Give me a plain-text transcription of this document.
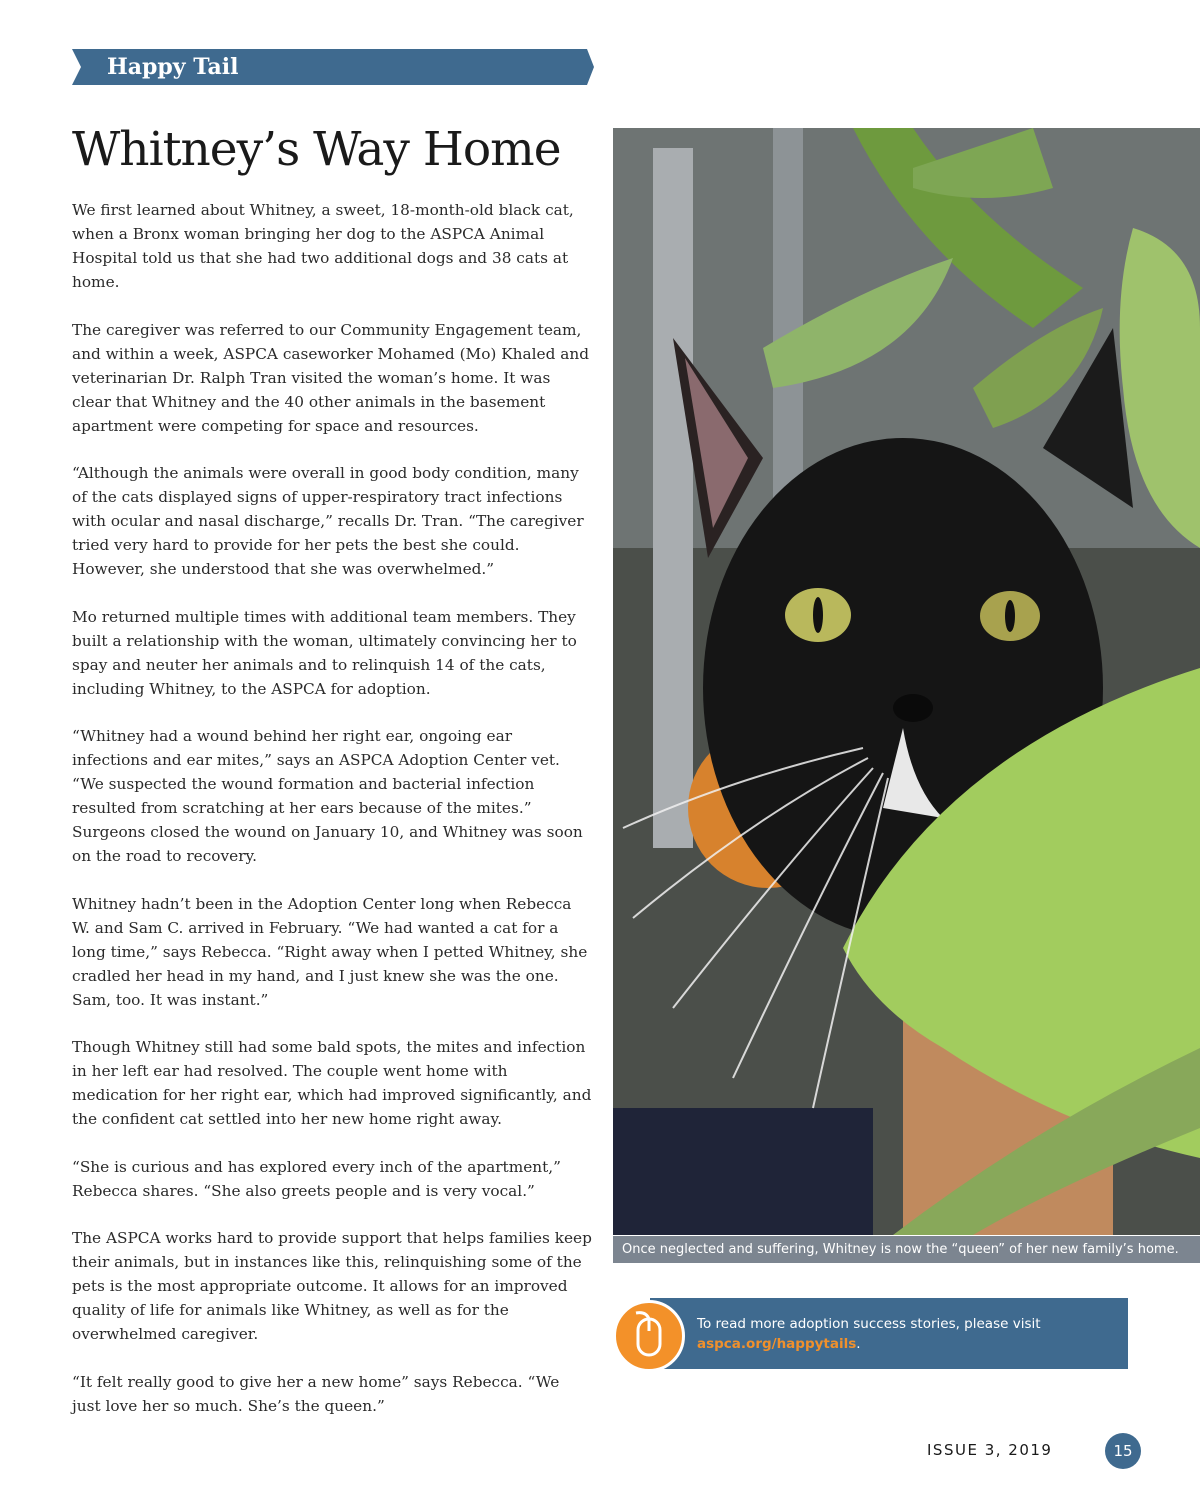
Happy Tail
Whitney’s Way Home

We first learned about Whitney, a sweet, 18-month-old black cat, when a Bronx woman bringing her dog to the ASPCA Animal Hospital told us that she had two additional dogs and 38 cats at home.

The caregiver was referred to our Community Engagement team, and within a week, ASPCA caseworker Mohamed (Mo) Khaled and veterinarian Dr. Ralph Tran visited the woman’s home. It was clear that Whitney and the 40 other animals in the basement apartment were competing for space and resources.

“Although the animals were overall in good body condition, many of the cats displayed signs of upper-respiratory tract infections with ocular and nasal discharge,” recalls Dr. Tran. “The caregiver tried very hard to provide for her pets the best she could. However, she understood that she was overwhelmed.”

Mo returned multiple times with additional team members. They built a relationship with the woman, ultimately convincing her to spay and neuter her animals and to relinquish 14 of the cats, including Whitney, to the ASPCA for adoption.

“Whitney had a wound behind her right ear, ongoing ear infections and ear mites,” says an ASPCA Adoption Center vet. “We suspected the wound formation and bacterial infection resulted from scratching at her ears because of the mites.” Surgeons closed the wound on January 10, and Whitney was soon on the road to recovery.

Whitney hadn’t been in the Adoption Center long when Rebecca W. and Sam C. arrived in February. “We had wanted a cat for a long time,” says Rebecca. “Right away when I petted Whitney, she cradled her head in my hand, and I just knew she was the one. Sam, too. It was instant.”

Though Whitney still had some bald spots, the mites and infection in her left ear had resolved. The couple went home with medication for her right ear, which had improved significantly, and the confident cat settled into her new home right away.

“She is curious and has explored every inch of the apartment,” Rebecca shares. “She also greets people and is very vocal.”

The ASPCA works hard to provide support that helps families keep their animals, but in instances like this, relinquishing some of the pets is the most appropriate outcome. It allows for an improved quality of life for animals like Whitney, as well as for the overwhelmed caregiver.

“It felt really good to give her a new home” says Rebecca. “We just love her so much. She’s the queen.”

Once neglected and suffering, Whitney is now the “queen” of her new family’s home.
To read more adoption success stories, please visit
aspca.org/happytails.
ISSUE 3, 2019	15
